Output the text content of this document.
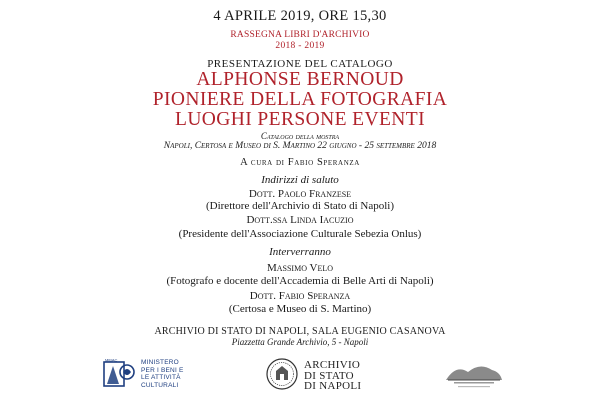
4 APRILE 2019, ORE 15,30
RASSEGNA LIBRI D'ARCHIVIO
2018 - 2019
PRESENTAZIONE DEL CATALOGO
ALPHONSE BERNOUD
PIONIERE DELLA FOTOGRAFIA
LUOGHI PERSONE EVENTI
Catalogo della mostra
Napoli, Certosa e Museo di S. Martino 22 giugno - 25 settembre 2018
A cura di Fabio Speranza
Indirizzi di saluto
Dott. Paolo Franzese
(Direttore dell'Archivio di Stato di Napoli)
Dott.ssa Linda Iacuzio
(Presidente dell'Associazione Culturale Sebezia Onlus)
Interverranno
Massimo Velo
(Fotografo e docente dell'Accademia di Belle Arti di Napoli)
Dott. Fabio Speranza
(Certosa e Museo di S. Martino)
ARCHIVIO DI STATO DI NAPOLI, SALA EUGENIO CASANOVA
Piazzetta Grande Archivio, 5 - Napoli
MiBAC	MINISTERO
PER I BENI E
LE ATTIVITÀ
CULTURALI
ARCHIVIO
DI STATO
DI NAPOLI
